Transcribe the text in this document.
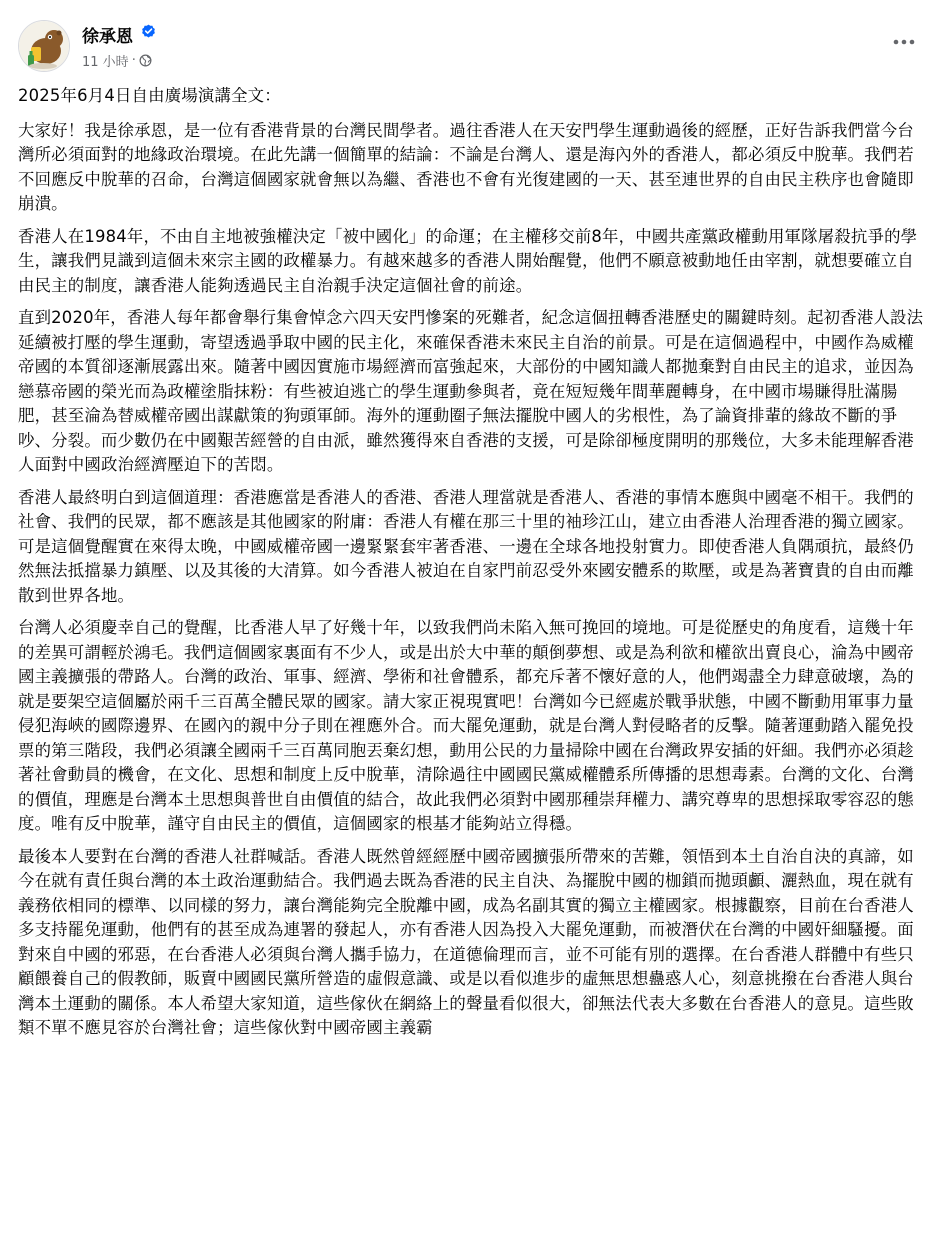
徐承恩
11 小時 ·

2025年6月4日自由廣場演講全文：

大家好！我是徐承恩，是一位有香港背景的台灣民間學者。過往香港人在天安門學生運動過後的經歷，正好告訴我們當今台灣所必須面對的地緣政治環境。在此先講一個簡單的結論：不論是台灣人、還是海內外的香港人，都必須反中脫華。我們若不回應反中脫華的召命，台灣這個國家就會無以為繼、香港也不會有光復建國的一天、甚至連世界的自由民主秩序也會隨即崩潰。

香港人在1984年，不由自主地被強權決定「被中國化」的命運；在主權移交前8年，中國共產黨政權動用軍隊屠殺抗爭的學生，讓我們見識到這個未來宗主國的政權暴力。有越來越多的香港人開始醒覺，他們不願意被動地任由宰割，就想要確立自由民主的制度，讓香港人能夠透過民主自治親手決定這個社會的前途。

直到2020年，香港人每年都會舉行集會悼念六四天安門慘案的死難者，紀念這個扭轉香港歷史的關鍵時刻。起初香港人設法延續被打壓的學生運動，寄望透過爭取中國的民主化，來確保香港未來民主自治的前景。可是在這個過程中，中國作為威權帝國的本質卻逐漸展露出來。隨著中國因實施市場經濟而富強起來，大部份的中國知識人都拋棄對自由民主的追求，並因為戀慕帝國的榮光而為政權塗脂抹粉：有些被迫逃亡的學生運動參與者，竟在短短幾年間華麗轉身，在中國市場賺得肚滿腸肥，甚至淪為替威權帝國出謀獻策的狗頭軍師。海外的運動圈子無法擺脫中國人的劣根性，為了論資排輩的緣故不斷的爭吵、分裂。而少數仍在中國艱苦經營的自由派，雖然獲得來自香港的支援，可是除卻極度開明的那幾位，大多未能理解香港人面對中國政治經濟壓迫下的苦悶。

香港人最終明白到這個道理：香港應當是香港人的香港、香港人理當就是香港人、香港的事情本應與中國毫不相干。我們的社會、我們的民眾，都不應該是其他國家的附庸：香港人有權在那三十里的袖珍江山，建立由香港人治理香港的獨立國家。可是這個覺醒實在來得太晚，中國威權帝國一邊緊緊套牢著香港、一邊在全球各地投射實力。即使香港人負隅頑抗，最終仍然無法抵擋暴力鎮壓、以及其後的大清算。如今香港人被迫在自家門前忍受外來國安體系的欺壓，或是為著寶貴的自由而離散到世界各地。

台灣人必須慶幸自己的覺醒，比香港人早了好幾十年，以致我們尚未陷入無可挽回的境地。可是從歷史的角度看，這幾十年的差異可謂輕於鴻毛。我們這個國家裏面有不少人，或是出於大中華的顛倒夢想、或是為利欲和權欲出賣良心，淪為中國帝國主義擴張的帶路人。台灣的政治、軍事、經濟、學術和社會體系，都充斥著不懷好意的人，他們竭盡全力肆意破壞，為的就是要架空這個屬於兩千三百萬全體民眾的國家。請大家正視現實吧！台灣如今已經處於戰爭狀態，中國不斷動用軍事力量侵犯海峽的國際邊界、在國內的親中分子則在裡應外合。而大罷免運動，就是台灣人對侵略者的反擊。隨著運動踏入罷免投票的第三階段，我們必須讓全國兩千三百萬同胞丟棄幻想，動用公民的力量掃除中國在台灣政界安插的奸細。我們亦必須趁著社會動員的機會，在文化、思想和制度上反中脫華，清除過往中國國民黨威權體系所傳播的思想毒素。台灣的文化、台灣的價值，理應是台灣本土思想與普世自由價值的結合，故此我們必須對中國那種崇拜權力、講究尊卑的思想採取零容忍的態度。唯有反中脫華，謹守自由民主的價值，這個國家的根基才能夠站立得穩。

最後本人要對在台灣的香港人社群喊話。香港人既然曾經經歷中國帝國擴張所帶來的苦難，領悟到本土自治自決的真諦，如今在就有責任與台灣的本土政治運動結合。我們過去既為香港的民主自決、為擺脫中國的枷鎖而拋頭顱、灑熱血，現在就有義務依相同的標準、以同樣的努力，讓台灣能夠完全脫離中國，成為名副其實的獨立主權國家。根據觀察，目前在台香港人多支持罷免運動，他們有的甚至成為連署的發起人，亦有香港人因為投入大罷免運動，而被潛伏在台灣的中國奸細騷擾。面對來自中國的邪惡，在台香港人必須與台灣人攜手協力，在道德倫理而言，並不可能有別的選擇。在台香港人群體中有些只顧餵養自己的假教師，販賣中國國民黨所營造的虛假意識、或是以看似進步的虛無思想蠱惑人心，刻意挑撥在台香港人與台灣本土運動的關係。本人希望大家知道，這些傢伙在網絡上的聲量看似很大，卻無法代表大多數在台香港人的意見。這些敗類不單不應見容於台灣社會；這些傢伙對中國帝國主義霸
